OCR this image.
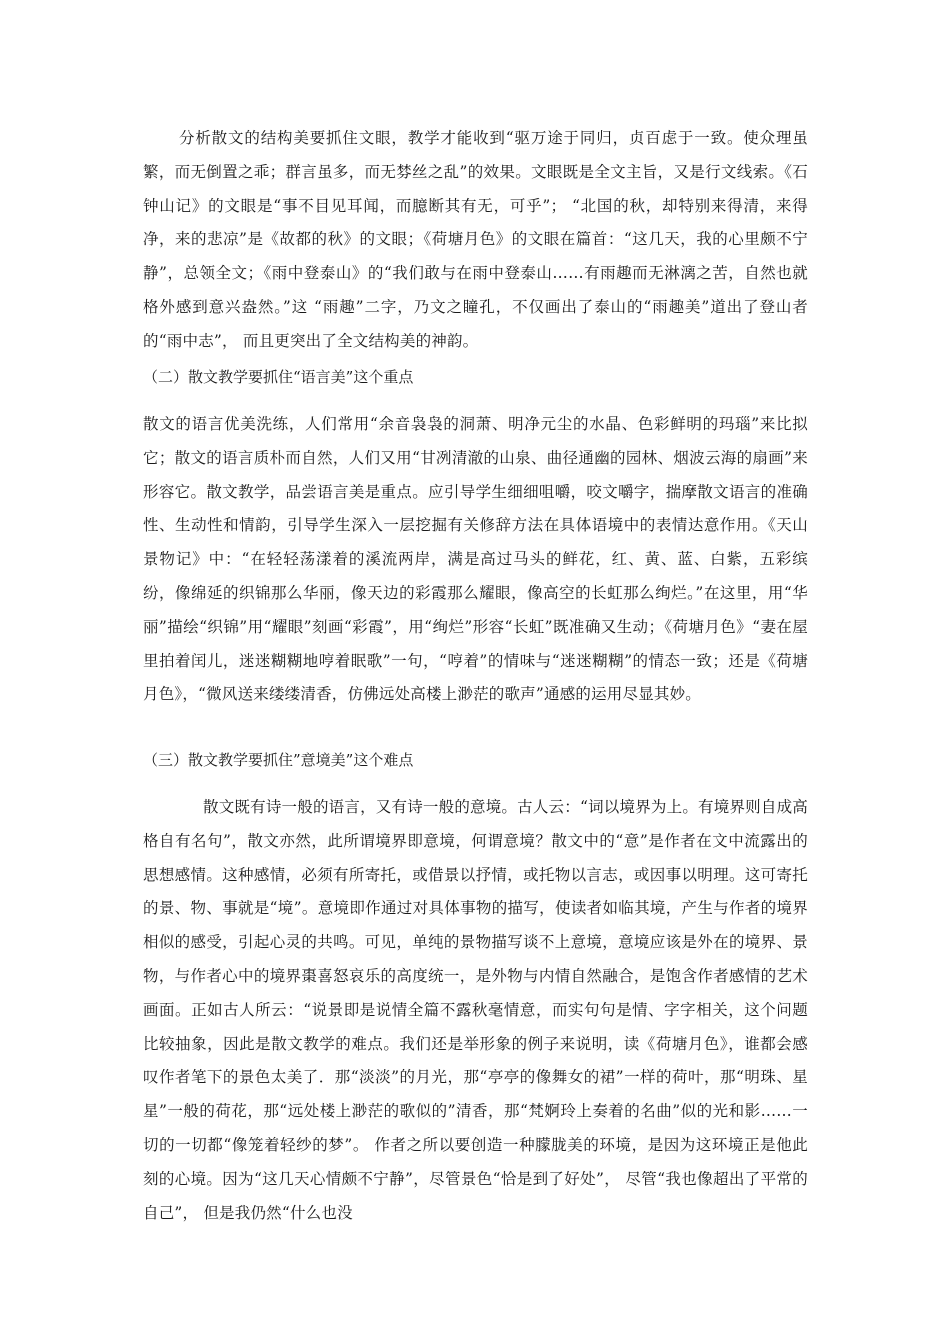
分析散文的结构美要抓住文眼，教学才能收到“驱万途于同归，贞百虑于一致。使众理虽繁，而无倒置之乖；群言虽多，而无棼丝之乱”的效果。文眼既是全文主旨，又是行文线索。《石钟山记》的文眼是“事不目见耳闻，而臆断其有无，可乎”； “北国的秋，却特别来得清，来得净，来的悲凉”是《故都的秋》的文眼；《荷塘月色》的文眼在篇首：“这几天，我的心里颇不宁静”，总领全文；《雨中登泰山》的“我们敢与在雨中登泰山……有雨趣而无淋漓之苦，自然也就格外感到意兴盎然。”这 “雨趣”二字，乃文之瞳孔，不仅画出了泰山的“雨趣美”道出了登山者的“雨中志”， 而且更突出了全文结构美的神韵。

（二）散文教学要抓住“语言美”这个重点

散文的语言优美洗练，人们常用“余音袅袅的洞萧、明净元尘的水晶、色彩鲜明的玛瑙”来比拟它；散文的语言质朴而自然，人们又用“甘冽清澈的山泉、曲径通幽的园林、烟波云海的扇画”来形容它。散文教学，品尝语言美是重点。应引导学生细细咀嚼，咬文嚼字，揣摩散文语言的准确性、生动性和情韵，引导学生深入一层挖掘有关修辞方法在具体语境中的表情达意作用。《天山景物记》中：“在轻轻荡漾着的溪流两岸，满是高过马头的鲜花，红、黄、蓝、白紫，五彩缤纷，像绵延的织锦那么华丽，像天边的彩霞那么耀眼，像高空的长虹那么绚烂。”在这里，用“华丽”描绘“织锦”用“耀眼”刻画“彩霞”，用“绚烂”形容“长虹”既准确又生动；《荷塘月色》“妻在屋里拍着闰儿，迷迷糊糊地哼着眠歌”一句，“哼着”的情味与“迷迷糊糊”的情态一致；还是《荷塘月色》，“微风送来缕缕清香，仿佛远处高楼上渺茫的歌声”通感的运用尽显其妙。

（三）散文教学要抓住”意境美”这个难点

散文既有诗一般的语言，又有诗一般的意境。古人云：“词以境界为上。有境界则自成高格自有名句”，散文亦然，此所谓境界即意境，何谓意境？散文中的“意”是作者在文中流露出的思想感情。这种感情，必须有所寄托，或借景以抒情，或托物以言志，或因事以明理。这可寄托的景、物、事就是“境”。意境即作通过对具体事物的描写，使读者如临其境，产生与作者的境界相似的感受，引起心灵的共鸣。可见，单纯的景物描写谈不上意境，意境应该是外在的境界、景物，与作者心中的境界棗喜怒哀乐的高度统一，是外物与内情自然融合，是饱含作者感情的艺术画面。正如古人所云：“说景即是说情全篇不露秋毫情意，而实句句是情、字字相关，这个问题比较抽象，因此是散文教学的难点。我们还是举形象的例子来说明，读《荷塘月色》，谁都会感叹作者笔下的景色太美了．那“淡淡”的月光，那“亭亭的像舞女的裙”一样的荷叶，那“明珠、星星”一般的荷花，那“远处楼上渺茫的歌似的”清香，那“梵婀玲上奏着的名曲”似的光和影……一切的一切都“像笼着轻纱的梦”。 作者之所以要创造一种朦胧美的环境，是因为这环境正是他此刻的心境。因为“这几天心情颇不宁静”，尽管景色“恰是到了好处”， 尽管“我也像超出了平常的自己”， 但是我仍然“什么也没
